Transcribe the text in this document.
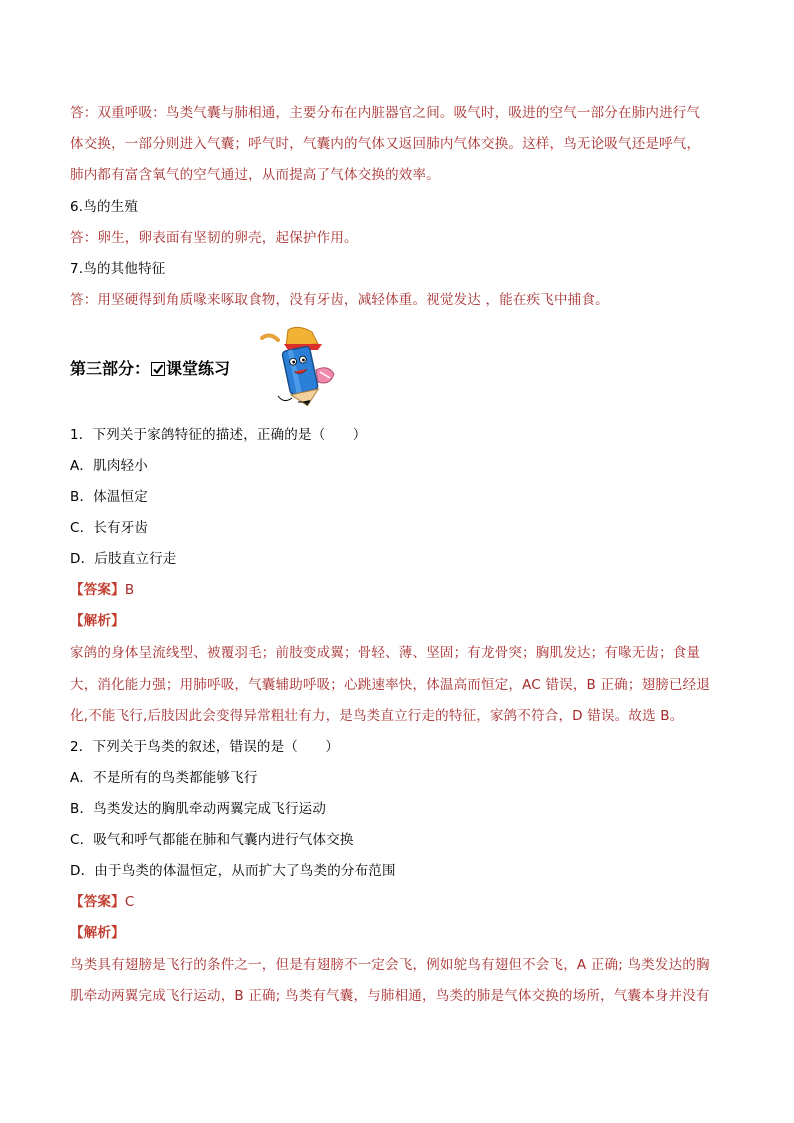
答：双重呼吸：鸟类气囊与肺相通，主要分布在内脏器官之间。吸气时，吸进的空气一部分在肺内进行气
体交换，一部分则进入气囊；呼气时，气囊内的气体又返回肺内气体交换。这样，鸟无论吸气还是呼气，
肺内都有富含氧气的空气通过，从而提高了气体交换的效率。
6.鸟的生殖
答：卵生，卵表面有坚韧的卵壳，起保护作用。
7.鸟的其他特征
答：用坚硬得到角质喙来啄取食物，没有牙齿，减轻体重。视觉发达 ，能在疾飞中捕食。
第三部分： 课堂练习
1．下列关于家鸽特征的描述，正确的是（　　）
A．肌肉轻小
B．体温恒定
C．长有牙齿
D．后肢直立行走
【答案】B
【解析】
家鸽的身体呈流线型、被覆羽毛；前肢变成翼；骨轻、薄、坚固；有龙骨突；胸肌发达；有喙无齿；食量
大，消化能力强；用肺呼吸，气囊辅助呼吸；心跳速率快，体温高而恒定，AC 错误，B 正确；翅膀已经退
化,不能飞行,后肢因此会变得异常粗壮有力，是鸟类直立行走的特征，家鸽不符合，D 错误。故选 B。
2．下列关于鸟类的叙述，错误的是（　　）
A．不是所有的鸟类都能够飞行
B．鸟类发达的胸肌牵动两翼完成飞行运动
C．吸气和呼气都能在肺和气囊内进行气体交换
D．由于鸟类的体温恒定，从而扩大了鸟类的分布范围
【答案】C
【解析】
鸟类具有翅膀是飞行的条件之一，但是有翅膀不一定会飞，例如鸵鸟有翅但不会飞，A 正确; 鸟类发达的胸
肌牵动两翼完成飞行运动，B 正确; 鸟类有气囊，与肺相通，鸟类的肺是气体交换的场所，气囊本身并没有
